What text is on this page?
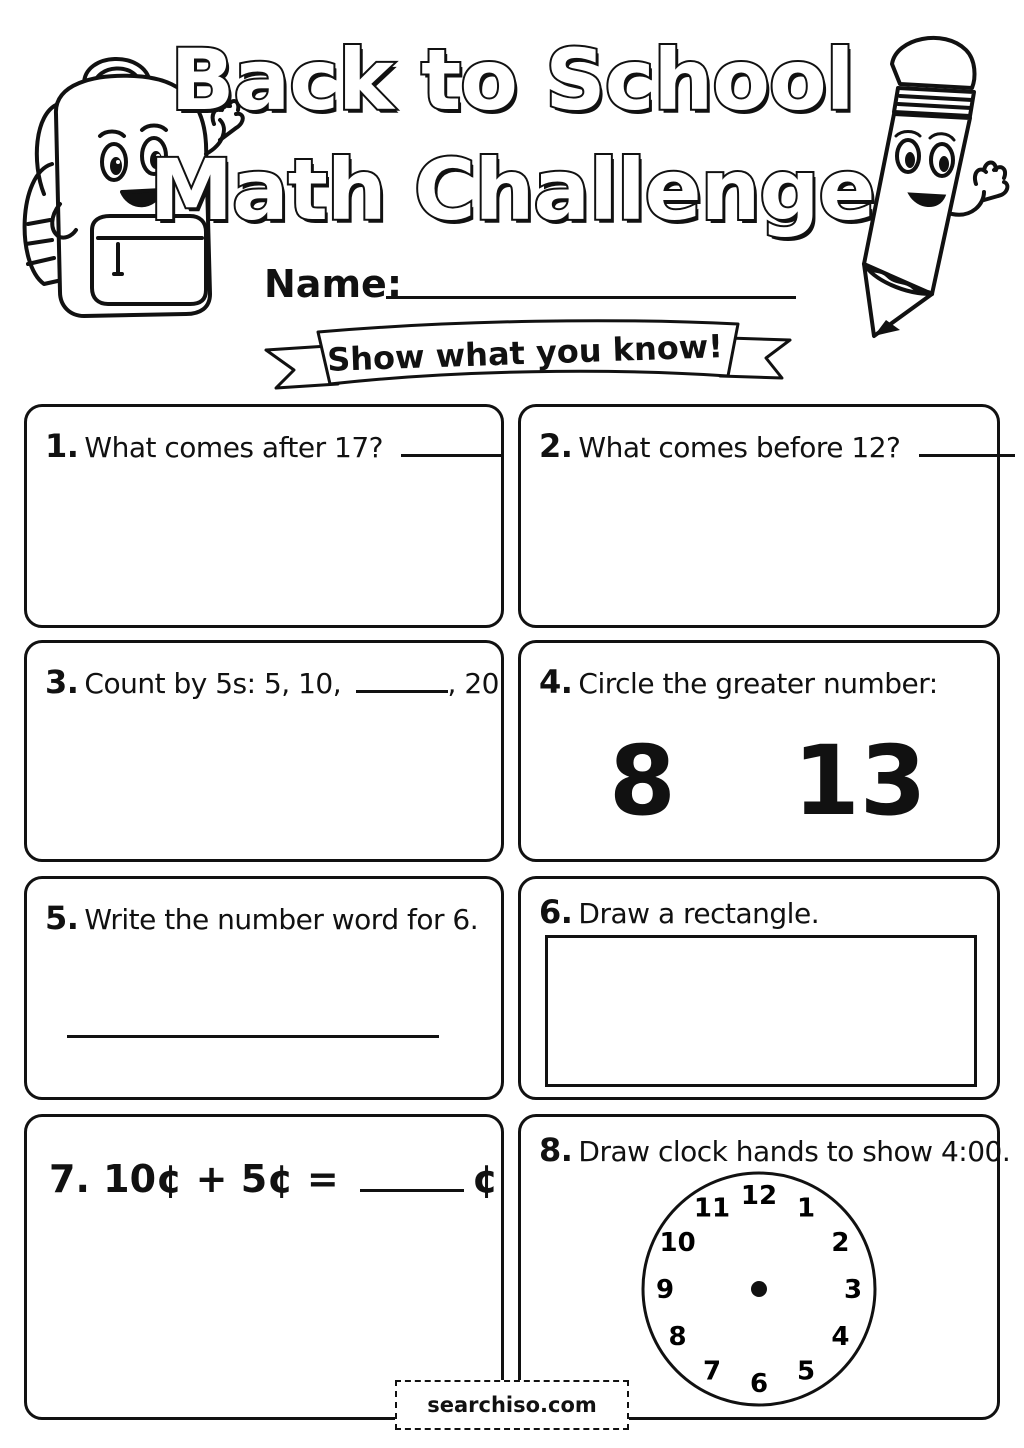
Back to School
Math Challenge
Name:
Show what you know!
1. What comes after 17?	2. What comes before 12?
3. Count by 5s: 5, 10,	, 20 4. Circle the greater number:
8 13
5. Write the number word for 6. 6. Draw a rectangle.
7. 10¢ + 5¢ =	¢
8. Draw clock hands to show 4:00.
12 1
2
3
4
5
6
7
8
9
10
11
searchiso.com
